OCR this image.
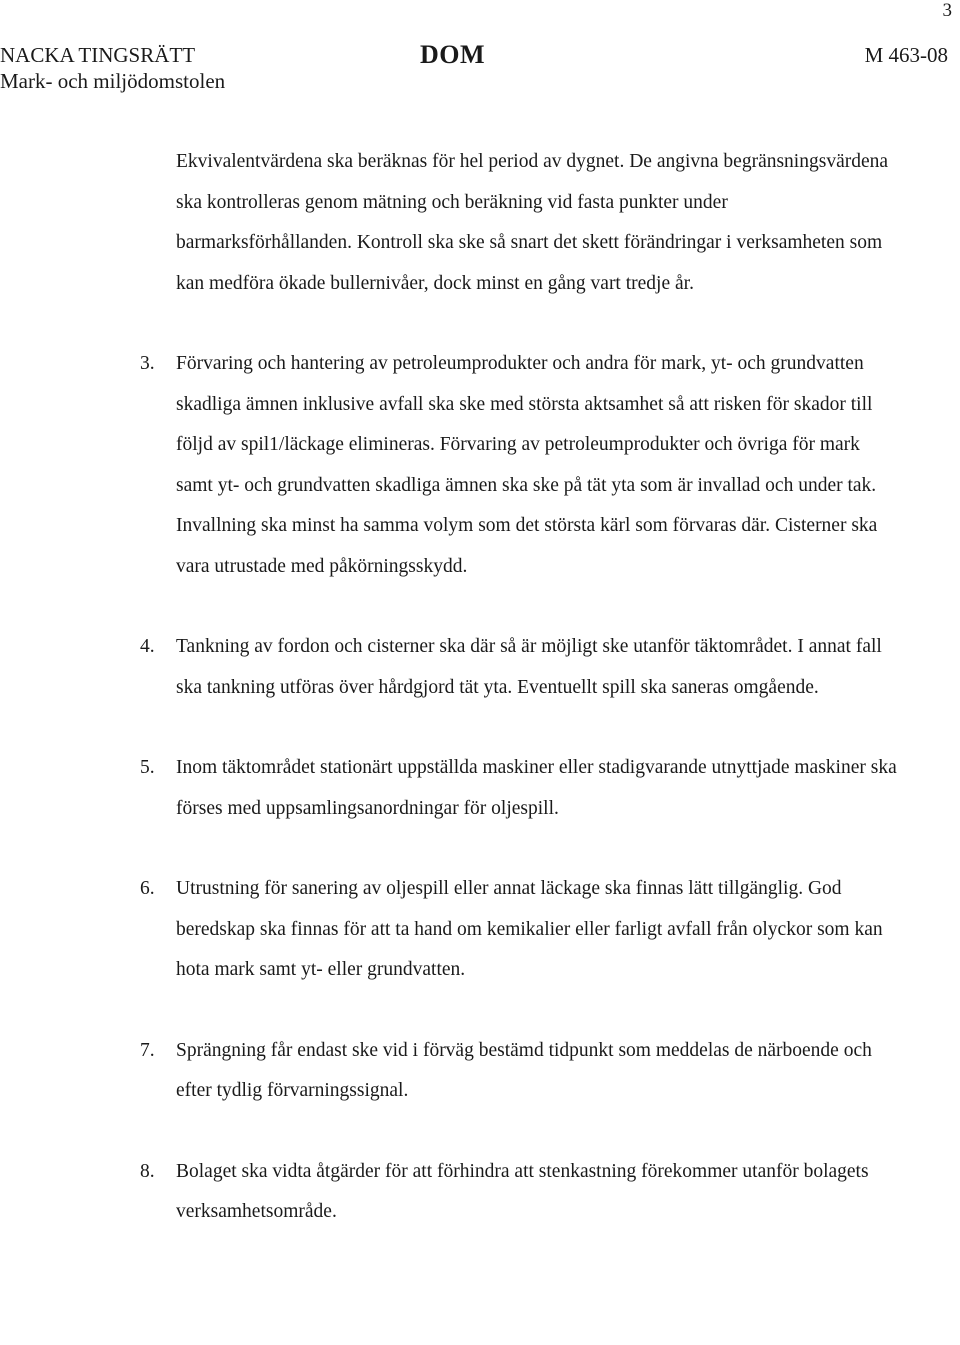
3
NACKA TINGSRÄTT
Mark- och miljödomstolen
DOM	M 463-08

Ekvivalentvärdena ska beräknas för hel period av dygnet. De angivna begränsningsvärdena ska kontrolleras genom mätning och beräkning vid fasta punkter under barmarksförhållanden. Kontroll ska ske så snart det skett förändringar i verksamheten som kan medföra ökade bullernivåer, dock minst en gång vart tredje år.

3. Förvaring och hantering av petroleumprodukter och andra för mark, yt- och grundvatten skadliga ämnen inklusive avfall ska ske med största aktsamhet så att risken för skador till följd av spil1/läckage elimineras. Förvaring av petroleumprodukter och övriga för mark samt yt- och grundvatten skadliga ämnen ska ske på tät yta som är invallad och under tak. Invallning ska minst ha samma volym som det största kärl som förvaras där. Cisterner ska vara utrustade med påkörningsskydd.
4. Tankning av fordon och cisterner ska där så är möjligt ske utanför täktområdet. I annat fall ska tankning utföras över hårdgjord tät yta. Eventuellt spill ska saneras omgående.
5. Inom täktområdet stationärt uppställda maskiner eller stadigvarande utnyttjade maskiner ska förses med uppsamlingsanordningar för oljespill.
6. Utrustning för sanering av oljespill eller annat läckage ska finnas lätt tillgänglig. God beredskap ska finnas för att ta hand om kemikalier eller farligt avfall från olyckor som kan hota mark samt yt- eller grundvatten.
7. Sprängning får endast ske vid i förväg bestämd tidpunkt som meddelas de närboende och efter tydlig förvarningssignal.
8. Bolaget ska vidta åtgärder för att förhindra att stenkastning förekommer utanför bolagets verksamhetsområde.
